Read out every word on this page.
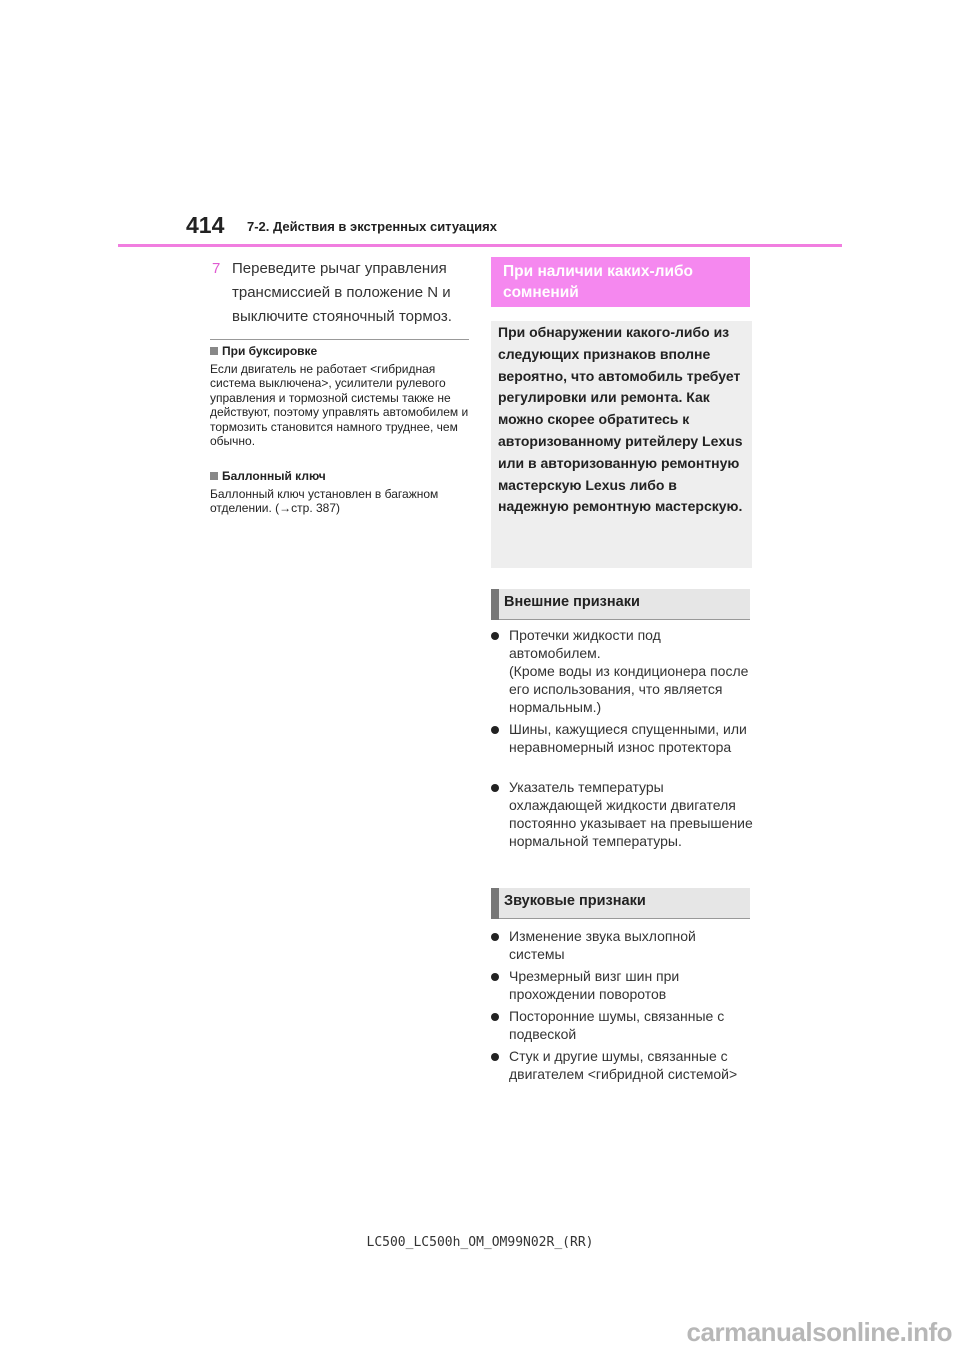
414 7-2. Действия в экстренных ситуациях
7 Переведите рычаг управления трансмиссией в положение N и выключите стояночный тормоз.
При буксировке
Если двигатель не работает <гибридная система выключена>, усилители рулевого управления и тормозной системы также не действуют, поэтому управлять автомобилем и тормозить становится намного труднее, чем обычно.
Баллонный ключ
Баллонный ключ установлен в багажном отделении. (→стр. 387)
При наличии каких-либо сомнений
При обнаружении какого-либо из следующих признаков вполне вероятно, что автомобиль требует регулировки или ремонта. Как можно скорее обратитесь к авторизованному ритейлеру Lexus или в авторизованную ремонтную мастерскую Lexus либо в надежную ремонтную мастерскую.
Внешние признаки
Протечки жидкости под автомобилем.
(Кроме воды из кондиционера после его использования, что является нормальным.)
Шины, кажущиеся спущенными, или неравномерный износ протектора
Указатель температуры охлаждающей жидкости двигателя постоянно указывает на превышение нормальной температуры.
Звуковые признаки
Изменение звука выхлопной системы
Чрезмерный визг шин при прохождении поворотов
Посторонние шумы, связанные с подвеской
Стук и другие шумы, связанные с двигателем <гибридной системой>
LC500_LC500h_OM_OM99N02R_(RR)
carmanualsonline.info
